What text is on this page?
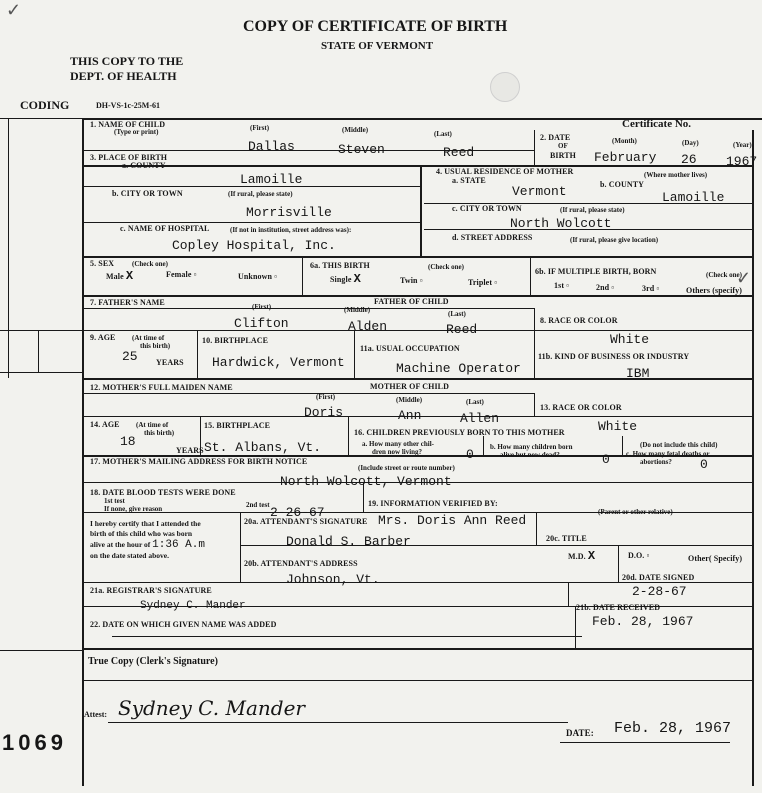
COPY OF CERTIFICATE OF BIRTH
STATE OF VERMONT
THIS COPY TO THE
DEPT. OF HEALTH
CODING	DH-VS-1c-25M-61
Certificate No.
1. NAME OF CHILD
(Type or print)	(First)	(Middle)	(Last)
Dallas	Steven	Reed
2. DATE
OF
BIRTH
(Month)	(Day)	(Year)
February 26 1967
3. PLACE OF BIRTH
a. COUNTY
Lamoille
b. CITY OR TOWN	(If rural, please state)
Morrisville
c. NAME OF HOSPITAL	(If not in institution, street address was):
Copley Hospital, Inc.
4. USUAL RESIDENCE OF MOTHER	(Where mother lives)
a. STATE
Vermont	b. COUNTY
Lamoille
c. CITY OR TOWN	(If rural, please state)
North Wolcott
d. STREET ADDRESS	(If rural, please give location)
5. SEX	(Check one)
Male X	Female ▫	Unknown ▫
6a. THIS BIRTH	(Check one)
Single X	Twin ▫	Triplet ▫
6b. IF MULTIPLE BIRTH, BORN	(Check one)
1st ▫	2nd ▫	3rd ▫	Others (specify)
FATHER OF CHILD
7. FATHER'S NAME	(First)	(Middle)	(Last)
Clifton	Alden	Reed
8. RACE OR COLOR
White
9. AGE (At time of
this birth)
25 YEARS
10. BIRTHPLACE
Hardwick, Vermont
11a. USUAL OCCUPATION
Machine Operator
11b. KIND OF BUSINESS OR INDUSTRY
IBM
MOTHER OF CHILD
12. MOTHER'S FULL MAIDEN NAME
(First)	(Middle)	(Last)
Doris	Ann	Allen
13. RACE OR COLOR
White
14. AGE (At time of
this birth)
18
YEARS
15. BIRTHPLACE
St. Albans, Vt.
16. CHILDREN PREVIOUSLY BORN TO THIS MOTHER
(Do not include this child)
a. How many other chil-
dren now living?	0 b. How many children born
alive but now dead?	0 c. How many fetal deaths or
abortions? 0
17. MOTHER'S MAILING ADDRESS FOR BIRTH NOTICE
(Include street or route number)
North Wolcott, Vermont
18. DATE BLOOD TESTS WERE DONE
1st test	2nd test
If none, give reason	2-26-67
19. INFORMATION VERIFIED BY:
(Parent or other relative)
Mrs. Doris Ann Reed
I hereby certify that I attended the
birth of this child who was born
alive at the hour of 1:36 A.m
on the date stated above.
20a. ATTENDANT'S SIGNATURE
Donald S. Barber	20c. TITLE
M.D. X	D.O. ▫	Other( Specify)
20b. ATTENDANT'S ADDRESS
Johnson, Vt.	20d. DATE SIGNED
2-28-67
21a. REGISTRAR'S SIGNATURE
Sydney C. Mander	21b. DATE RECEIVED
Feb. 28, 1967
22. DATE ON WHICH GIVEN NAME WAS ADDED
True Copy (Clerk's Signature)
Attest: Sydney C. Mander
DATE: Feb. 28, 1967
1069
✓
✓
